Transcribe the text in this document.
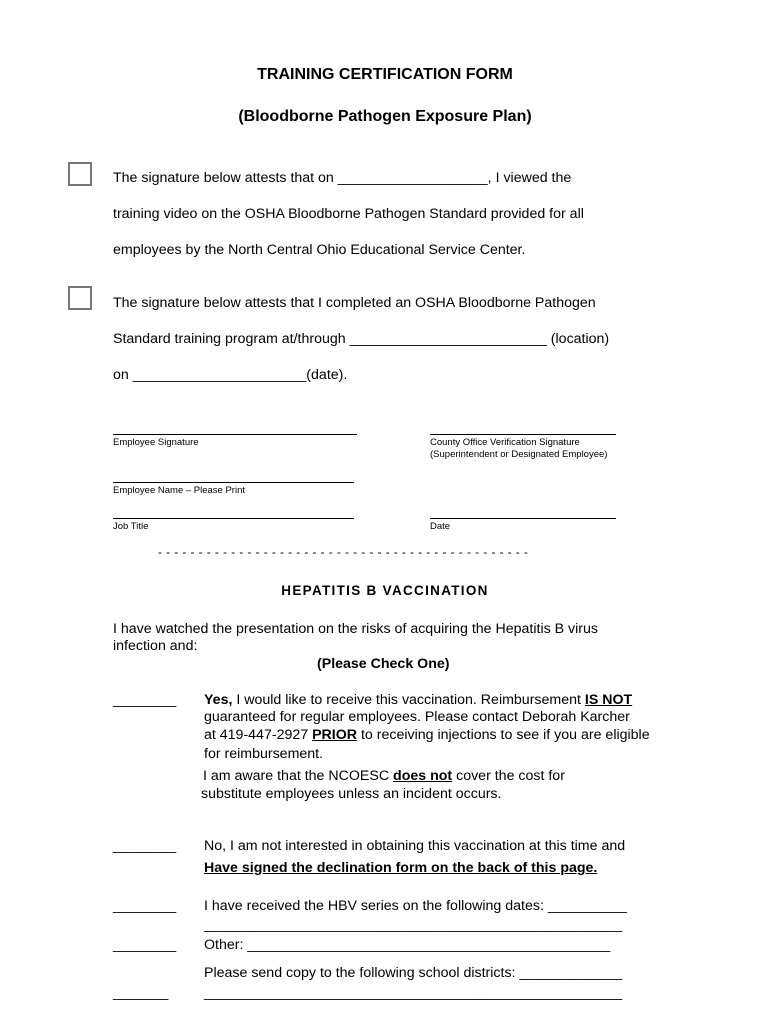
TRAINING CERTIFICATION FORM
(Bloodborne Pathogen Exposure Plan)
The signature below attests that on ___________________, I viewed the
training video on the OSHA Bloodborne Pathogen Standard provided for all
employees by the North Central Ohio Educational Service Center.
The signature below attests that I completed an OSHA Bloodborne Pathogen
Standard training program at/through _________________________ (location)
on ______________________(date).
Employee Signature	County Office Verification Signature
(Superintendent or Designated Employee)
Employee Name – Please Print
Job Title	Date
- - - - - - - - - - - - - - - - - - - - - - - - - - - - - - - - - - - - - - - - - - - - - -
HEPATITIS B VACCINATION
I have watched the presentation on the risks of acquiring the Hepatitis B virus
infection and:
(Please Check One)
________ Yes, I would like to receive this vaccination. Reimbursement IS NOT
guaranteed for regular employees. Please contact Deborah Karcher
at 419-447-2927 PRIOR to receiving injections to see if you are eligible
for reimbursement.
I am aware that the NCOESC does not cover the cost for
substitute employees unless an incident occurs.
________ No, I am not interested in obtaining this vaccination at this time and
Have signed the declination form on the back of this page.
________ I have received the HBV series on the following dates: __________
_____________________________________________________
________ Other: ______________________________________________
Please send copy to the following school districts: _____________
_______	_____________________________________________________
